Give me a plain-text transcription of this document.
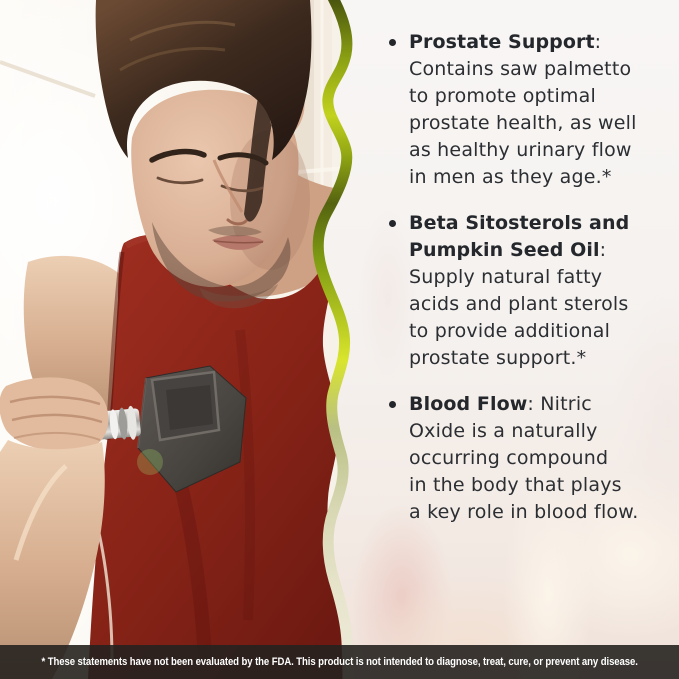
Prostate Support:
Contains saw palmetto
to promote optimal
prostate health, as well
as healthy urinary flow
in men as they age.*
Beta Sitosterols and
Pumpkin Seed Oil:
Supply natural fatty
acids and plant sterols
to provide additional
prostate support.*
Blood Flow: Nitric
Oxide is a naturally
occurring compound
in the body that plays
a key role in blood flow.
* These statements have not been evaluated by the FDA. This product is not intended to diagnose, treat, cure, or prevent any disease.
